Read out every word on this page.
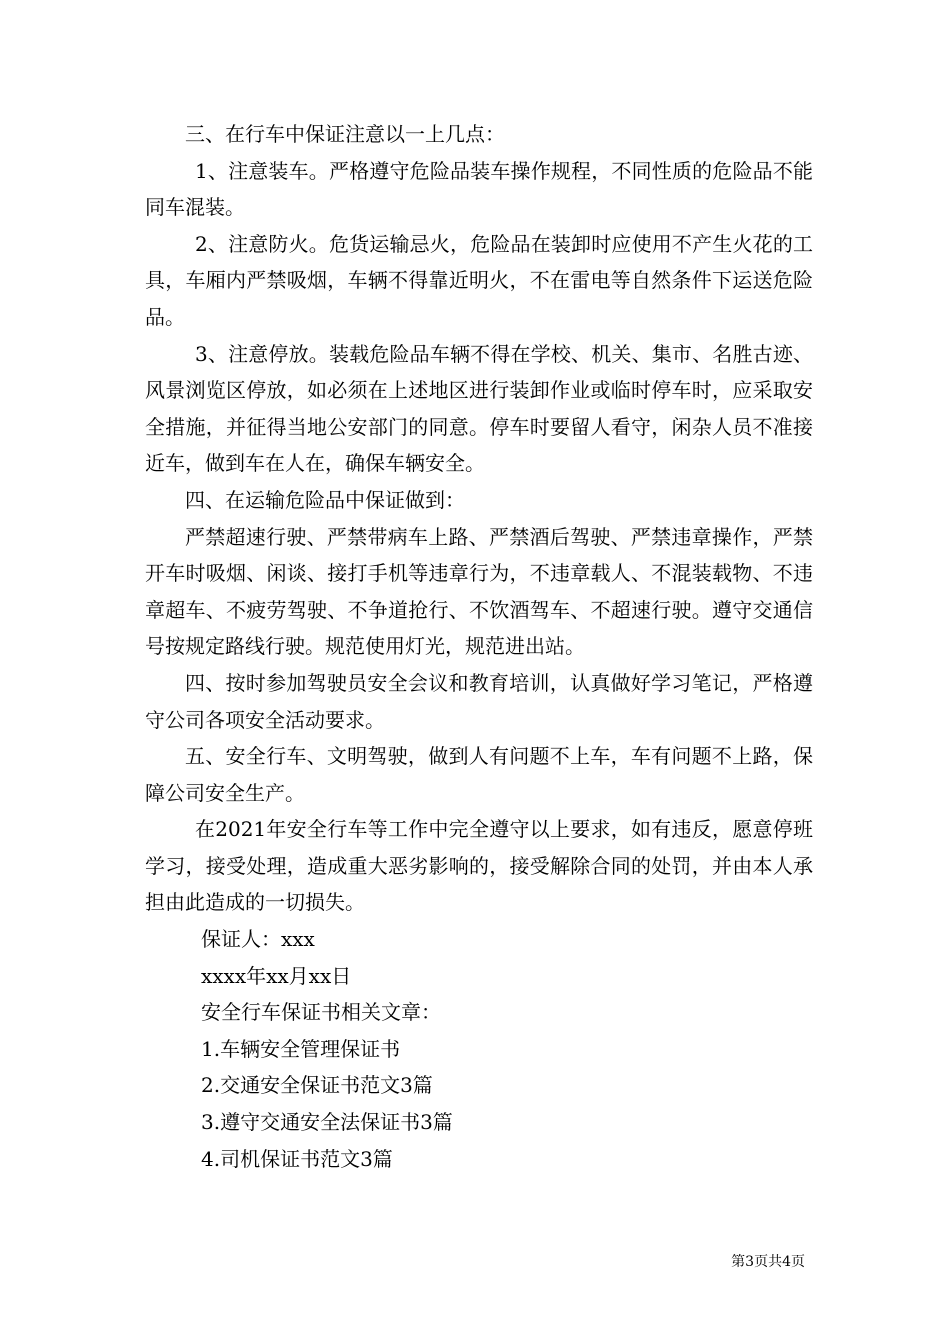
三、在行车中保证注意以一上几点：

1、注意装车。严格遵守危险品装车操作规程，不同性质的危险品不能同车混装。

2、注意防火。危货运输忌火，危险品在装卸时应使用不产生火花的工具，车厢内严禁吸烟，车辆不得靠近明火，不在雷电等自然条件下运送危险品。

3、注意停放。装载危险品车辆不得在学校、机关、集市、名胜古迹、风景浏览区停放，如必须在上述地区进行装卸作业或临时停车时，应采取安全措施，并征得当地公安部门的同意。停车时要留人看守，闲杂人员不准接近车，做到车在人在，确保车辆安全。

四、在运输危险品中保证做到：

严禁超速行驶、严禁带病车上路、严禁酒后驾驶、严禁违章操作，严禁开车时吸烟、闲谈、接打手机等违章行为，不违章载人、不混装载物、不违章超车、不疲劳驾驶、不争道抢行、不饮酒驾车、不超速行驶。遵守交通信号按规定路线行驶。规范使用灯光，规范进出站。

四、按时参加驾驶员安全会议和教育培训，认真做好学习笔记，严格遵守公司各项安全活动要求。

五、安全行车、文明驾驶，做到人有问题不上车，车有问题不上路，保障公司安全生产。

在2021年安全行车等工作中完全遵守以上要求，如有违反，愿意停班学习，接受处理，造成重大恶劣影响的，接受解除合同的处罚，并由本人承担由此造成的一切损失。

保证人：xxx

xxxx年xx月xx日

安全行车保证书相关文章：

1.车辆安全管理保证书

2.交通安全保证书范文3篇

3.遵守交通安全法保证书3篇

4.司机保证书范文3篇

第3页共4页
